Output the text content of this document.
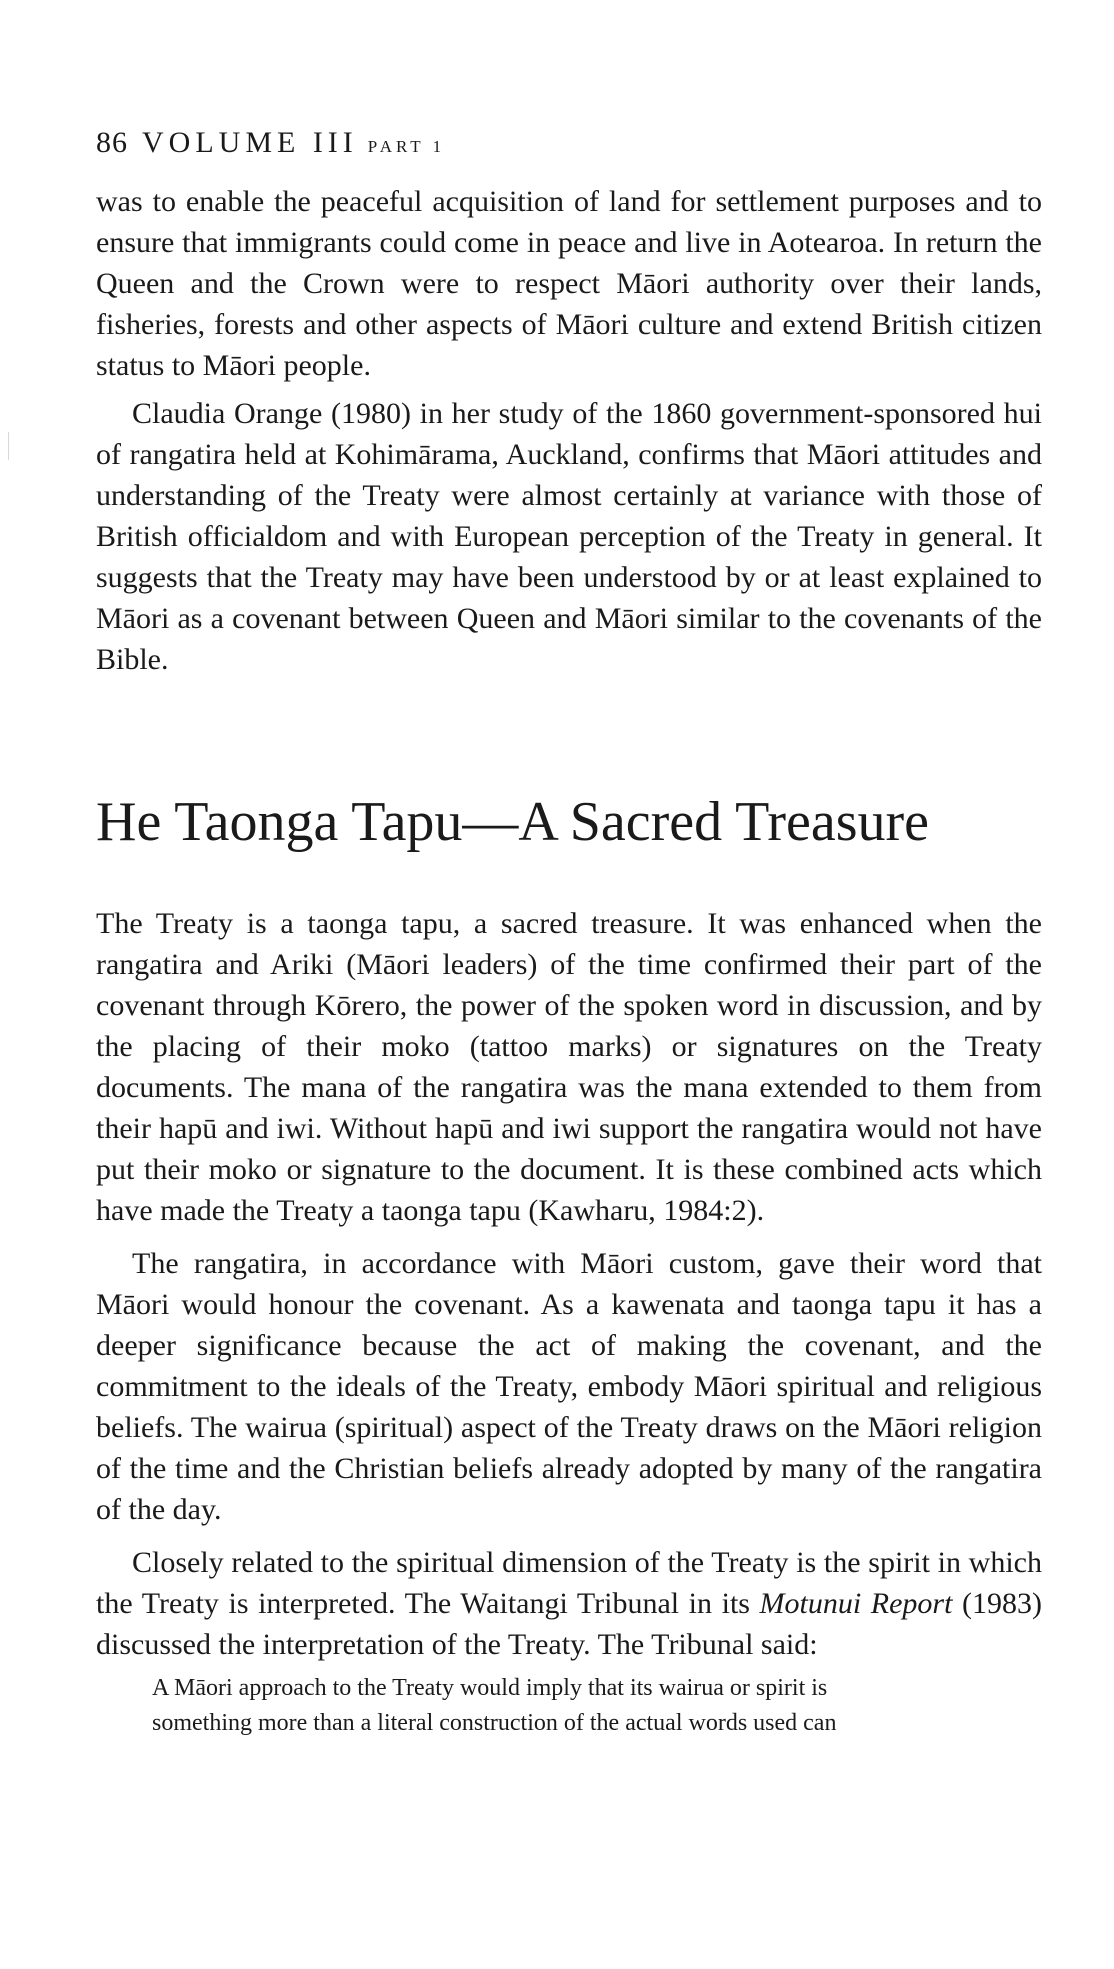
86 VOLUME III PART 1

was to enable the peaceful acquisition of land for settlement purposes and to ensure that immigrants could come in peace and live in Aotearoa. In return the Queen and the Crown were to respect Māori authority over their lands, fisheries, forests and other aspects of Māori culture and extend British citizen status to Māori people.

Claudia Orange (1980) in her study of the 1860 government-sponsored hui of rangatira held at Kohimārama, Auckland, confirms that Māori attitudes and understanding of the Treaty were almost certainly at variance with those of British officialdom and with European perception of the Treaty in general. It suggests that the Treaty may have been understood by or at least explained to Māori as a covenant between Queen and Māori similar to the covenants of the Bible.

He Taonga Tapu—A Sacred Treasure

The Treaty is a taonga tapu, a sacred treasure. It was enhanced when the rangatira and Ariki (Māori leaders) of the time confirmed their part of the covenant through Kōrero, the power of the spoken word in discussion, and by the placing of their moko (tattoo marks) or signatures on the Treaty documents. The mana of the rangatira was the mana extended to them from their hapū and iwi. Without hapū and iwi support the rangatira would not have put their moko or signature to the document. It is these combined acts which have made the Treaty a taonga tapu (Kawharu, 1984:2).

The rangatira, in accordance with Māori custom, gave their word that Māori would honour the covenant. As a kawenata and taonga tapu it has a deeper significance because the act of making the covenant, and the commitment to the ideals of the Treaty, embody Māori spiritual and religious beliefs. The wairua (spiritual) aspect of the Treaty draws on the Māori religion of the time and the Christian beliefs already adopted by many of the rangatira of the day.

Closely related to the spiritual dimension of the Treaty is the spirit in which the Treaty is interpreted. The Waitangi Tribunal in its Motunui Report (1983) discussed the interpretation of the Treaty. The Tribunal said:

A Māori approach to the Treaty would imply that its wairua or spirit is
something more than a literal construction of the actual words used can
